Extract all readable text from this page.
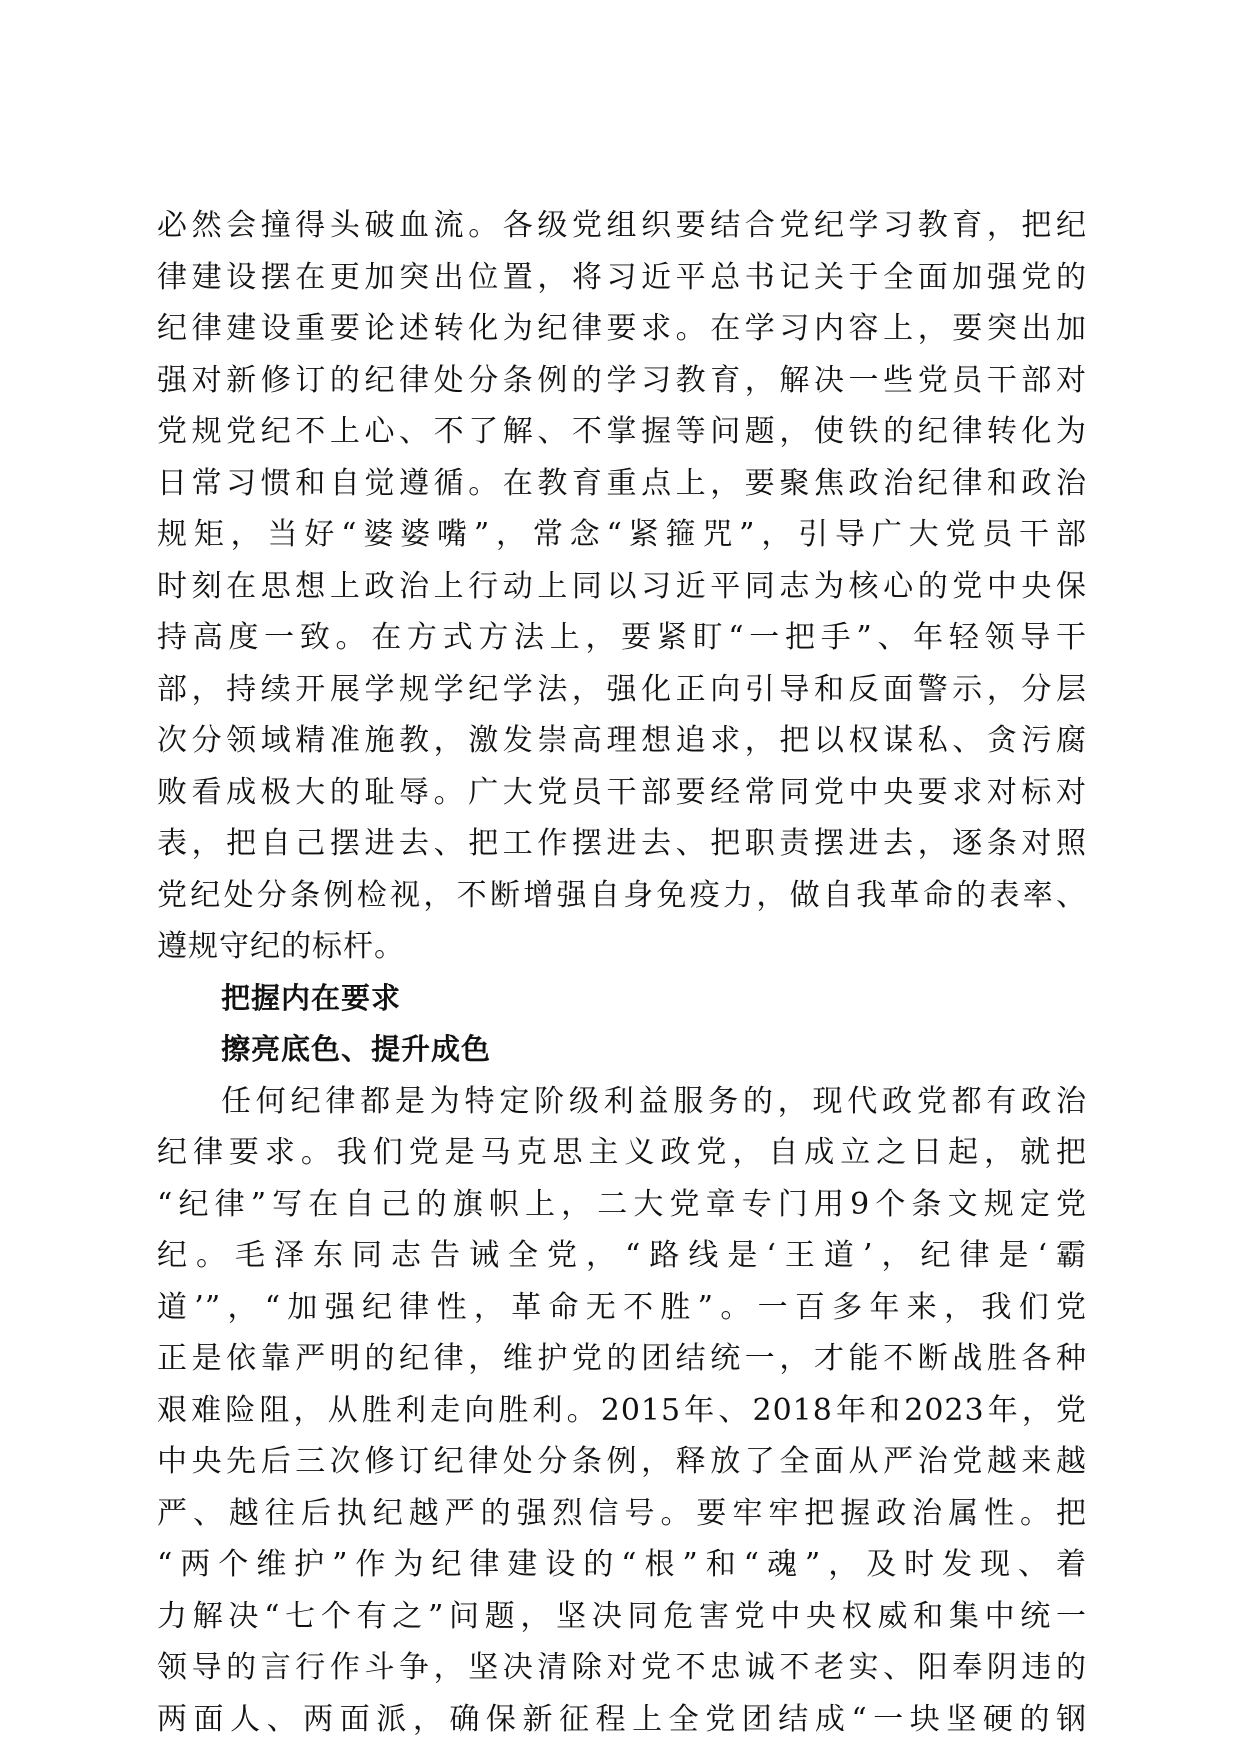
必然会撞得头破血流。各级党组织要结合党纪学习教育，把纪
律建设摆在更加突出位置，将习近平总书记关于全面加强党的
纪律建设重要论述转化为纪律要求。在学习内容上，要突出加
强对新修订的纪律处分条例的学习教育，解决一些党员干部对
党规党纪不上心、不了解、不掌握等问题，使铁的纪律转化为
日常习惯和自觉遵循。在教育重点上，要聚焦政治纪律和政治
规矩，当好“婆婆嘴”，常念“紧箍咒”，引导广大党员干部
时刻在思想上政治上行动上同以习近平同志为核心的党中央保
持高度一致。在方式方法上，要紧盯“一把手”、年轻领导干
部，持续开展学规学纪学法，强化正向引导和反面警示，分层
次分领域精准施教，激发崇高理想追求，把以权谋私、贪污腐
败看成极大的耻辱。广大党员干部要经常同党中央要求对标对
表，把自己摆进去、把工作摆进去、把职责摆进去，逐条对照
党纪处分条例检视，不断增强自身免疫力，做自我革命的表率、
遵规守纪的标杆。
把握内在要求
擦亮底色、提升成色
任何纪律都是为特定阶级利益服务的，现代政党都有政治
纪律要求。我们党是马克思主义政党，自成立之日起，就把
“纪律”写在自己的旗帜上，二大党章专门用9个条文规定党
纪。毛泽东同志告诫全党，“路线是‘王道’，纪律是‘霸
道’”，“加强纪律性，革命无不胜”。一百多年来，我们党
正是依靠严明的纪律，维护党的团结统一，才能不断战胜各种
艰难险阻，从胜利走向胜利。2015年、2018年和2023年，党
中央先后三次修订纪律处分条例，释放了全面从严治党越来越
严、越往后执纪越严的强烈信号。要牢牢把握政治属性。把
“两个维护”作为纪律建设的“根”和“魂”，及时发现、着
力解决“七个有之”问题，坚决同危害党中央权威和集中统一
领导的言行作斗争，坚决清除对党不忠诚不老实、阳奉阴违的
两面人、两面派，确保新征程上全党团结成“一块坚硬的钢
